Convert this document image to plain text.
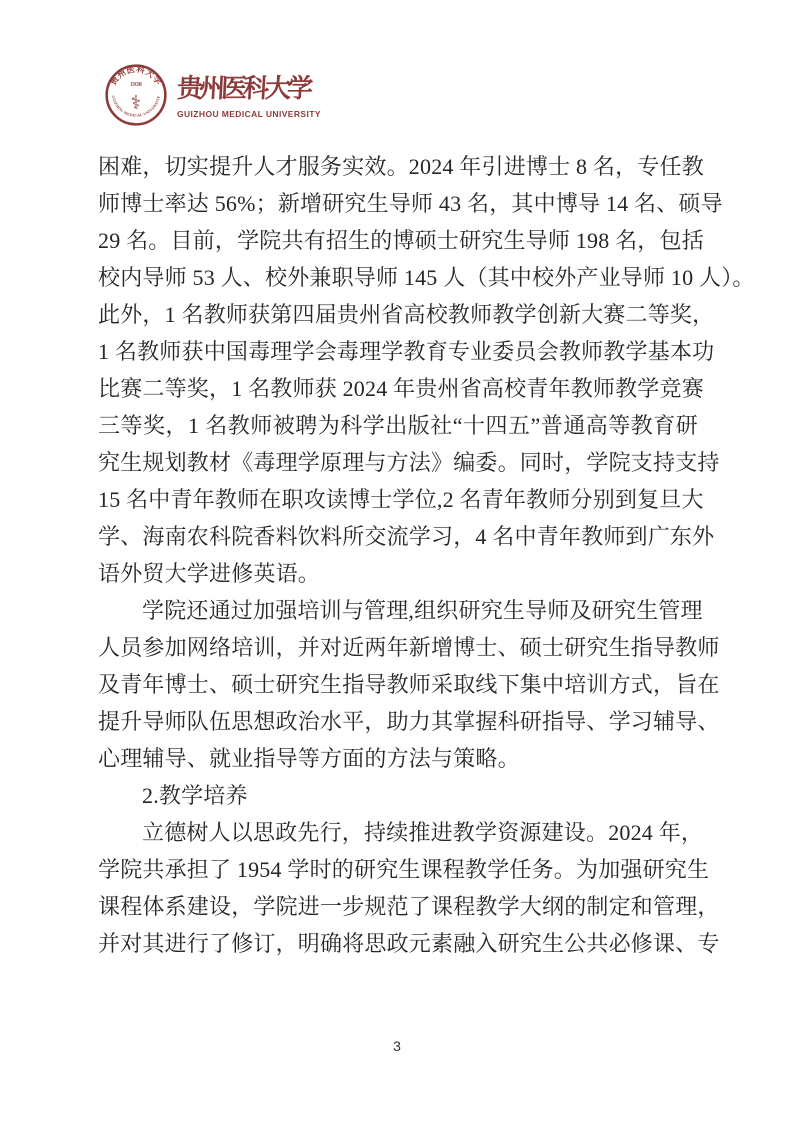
贵州医科大学
1938
⚕
GUIZHOU MEDICAL UNIVERSITY 贵州医科大学
GUIZHOU MEDICAL UNIVERSITY
困难，切实提升人才服务实效。2024 年引进博士 8 名，专任教
师博士率达 56%；新增研究生导师 43 名，其中博导 14 名、硕导
29 名。目前，学院共有招生的博硕士研究生导师 198 名，包括
校内导师 53 人、校外兼职导师 145 人（其中校外产业导师 10 人）。
此外，1 名教师获第四届贵州省高校教师教学创新大赛二等奖，
1 名教师获中国毒理学会毒理学教育专业委员会教师教学基本功
比赛二等奖，1 名教师获 2024 年贵州省高校青年教师教学竞赛
三等奖，1 名教师被聘为科学出版社“十四五”普通高等教育研
究生规划教材《毒理学原理与方法》编委。同时，学院支持支持
15 名中青年教师在职攻读博士学位,2 名青年教师分别到复旦大
学、海南农科院香料饮料所交流学习，4 名中青年教师到广东外
语外贸大学进修英语。
学院还通过加强培训与管理,组织研究生导师及研究生管理
人员参加网络培训，并对近两年新增博士、硕士研究生指导教师
及青年博士、硕士研究生指导教师采取线下集中培训方式，旨在
提升导师队伍思想政治水平，助力其掌握科研指导、学习辅导、
心理辅导、就业指导等方面的方法与策略。
2.教学培养
立德树人以思政先行，持续推进教学资源建设。2024 年，
学院共承担了 1954 学时的研究生课程教学任务。为加强研究生
课程体系建设，学院进一步规范了课程教学大纲的制定和管理，
并对其进行了修订，明确将思政元素融入研究生公共必修课、专
3
